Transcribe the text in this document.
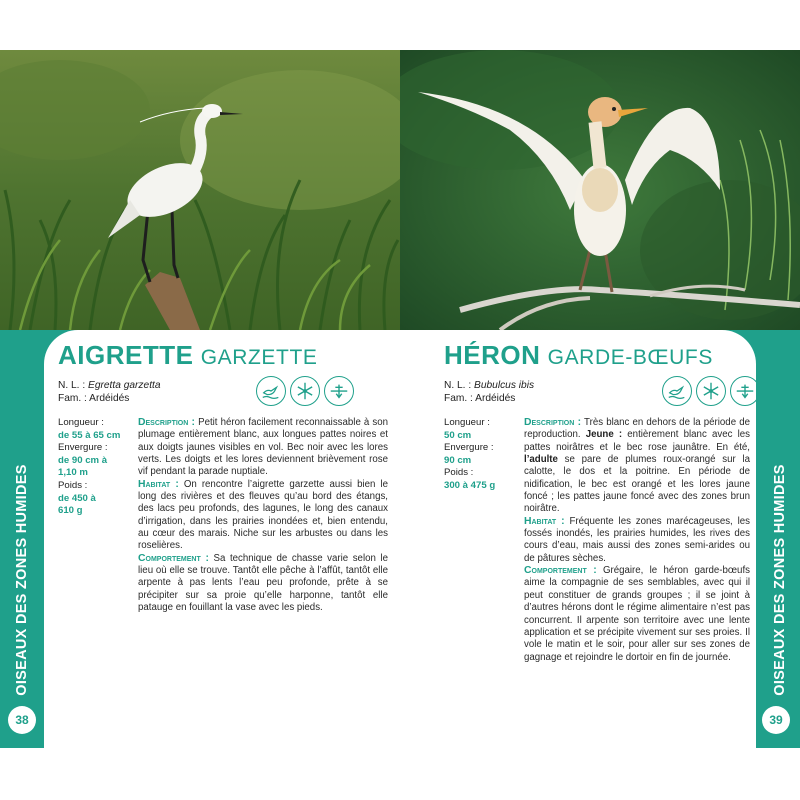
OISEAUX DES ZONES HUMIDES
38
AIGRETTE GARZETTE
N. L. : Egretta garzetta
Fam. : Ardéidés
Longueur :
de 55 à 65 cm
Envergure :
de 90 cm à
1,10 m
Poids :
de 450 à
610 g

Description : Petit héron facilement reconnaissable à son plumage entièrement blanc, aux longues pattes noires et aux doigts jaunes visibles en vol. Bec noir avec les lores verts. Les doigts et les lores deviennent brièvement rose vif pendant la parade nuptiale.

Habitat : On rencontre l’aigrette garzette aussi bien le long des rivières et des fleuves qu’au bord des étangs, des lacs peu profonds, des lagunes, le long des canaux d’irrigation, dans les prairies inondées et, bien entendu, au cœur des marais. Niche sur les arbustes ou dans les roselières.

Comportement : Sa technique de chasse varie selon le lieu où elle se trouve. Tantôt elle pêche à l’affût, tantôt elle arpente à pas lents l’eau peu profonde, prête à se précipiter sur sa proie qu’elle harponne, tantôt elle patauge en fouillant la vase avec les pieds.	OISEAUX DES ZONES HUMIDES
39
HÉRON GARDE-BŒUFS
N. L. : Bubulcus ibis
Fam. : Ardéidés
Longueur :
50 cm
Envergure :
90 cm
Poids :
300 à 475 g

Description : Très blanc en dehors de la période de reproduction. Jeune : entièrement blanc avec les pattes noirâtres et le bec rose jaunâtre. En été, l’adulte se pare de plumes roux-orangé sur la calotte, le dos et la poitrine. En période de nidification, le bec est orangé et les lores jaune foncé ; les pattes jaune foncé avec des zones brun noirâtre.

Habitat : Fréquente les zones marécageuses, les fossés inondés, les prairies humides, les rives des cours d’eau, mais aussi des zones semi-arides ou de pâtures sèches.

Comportement : Grégaire, le héron garde-bœufs aime la compagnie de ses semblables, avec qui il peut constituer de grands groupes ; il se joint à d’autres hérons dont le régime alimentaire n’est pas concurrent. Il arpente son territoire avec une lente application et se précipite vivement sur ses proies. Il vole le matin et le soir, pour aller sur ses zones de gagnage et rejoindre le dortoir en fin de journée.
